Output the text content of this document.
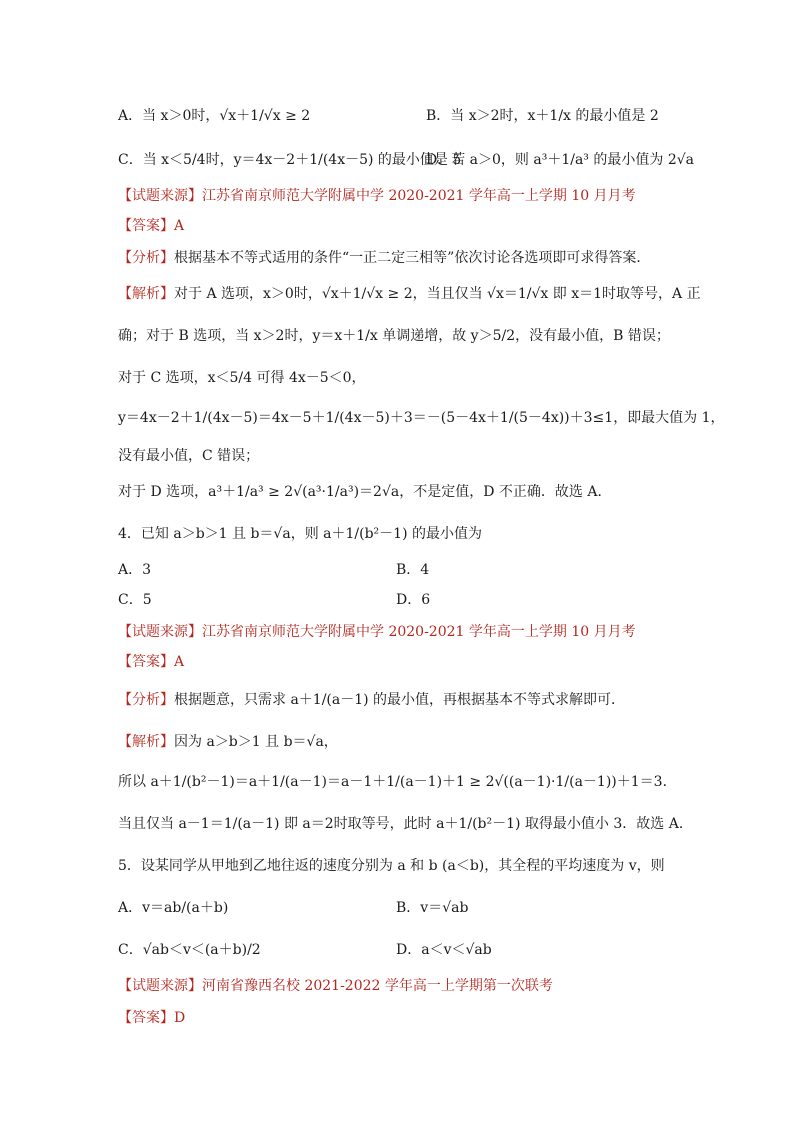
A．当 x＞0时，√x＋1/√x ≥ 2	B．当 x＞2时，x＋1/x 的最小值是 2
C．当 x＜5/4时，y＝4x－2＋1/(4x－5) 的最小值是 5
D．若 a＞0，则 a³＋1/a³ 的最小值为 2√a
【试题来源】江苏省南京师范大学附属中学 2020-2021 学年高一上学期 10 月月考
【答案】A
【分析】根据基本不等式适用的条件“一正二定三相等”依次讨论各选项即可求得答案．
【解析】对于 A 选项，x＞0时，√x＋1/√x ≥ 2，当且仅当 √x＝1/√x 即 x＝1时取等号，A 正
确；对于 B 选项，当 x＞2时，y＝x＋1/x 单调递增，故 y＞5/2，没有最小值，B 错误；
对于 C 选项，x＜5/4 可得 4x－5＜0，
y＝4x－2＋1/(4x－5)＝4x－5＋1/(4x－5)＋3＝－(5－4x＋1/(5－4x))＋3≤1，即最大值为 1，
没有最小值，C 错误；
对于 D 选项，a³＋1/a³ ≥ 2√(a³·1/a³)＝2√a，不是定值，D 不正确．故选 A．
4．已知 a＞b＞1 且 b＝√a，则 a＋1/(b²－1) 的最小值为
A．3	B．4
C．5	D．6
【试题来源】江苏省南京师范大学附属中学 2020-2021 学年高一上学期 10 月月考
【答案】A
【分析】根据题意，只需求 a＋1/(a－1) 的最小值，再根据基本不等式求解即可．
【解析】因为 a＞b＞1 且 b＝√a，
所以 a＋1/(b²－1)＝a＋1/(a－1)＝a－1＋1/(a－1)＋1 ≥ 2√((a－1)·1/(a－1))＋1＝3．
当且仅当 a－1＝1/(a－1) 即 a＝2时取等号，此时 a＋1/(b²－1) 取得最小值小 3．故选 A．
5．设某同学从甲地到乙地往返的速度分别为 a 和 b (a＜b)，其全程的平均速度为 v，则
A．v＝ab/(a＋b)	B．v＝√ab
C．√ab＜v＜(a＋b)/2	D．a＜v＜√ab
【试题来源】河南省豫西名校 2021-2022 学年高一上学期第一次联考
【答案】D
